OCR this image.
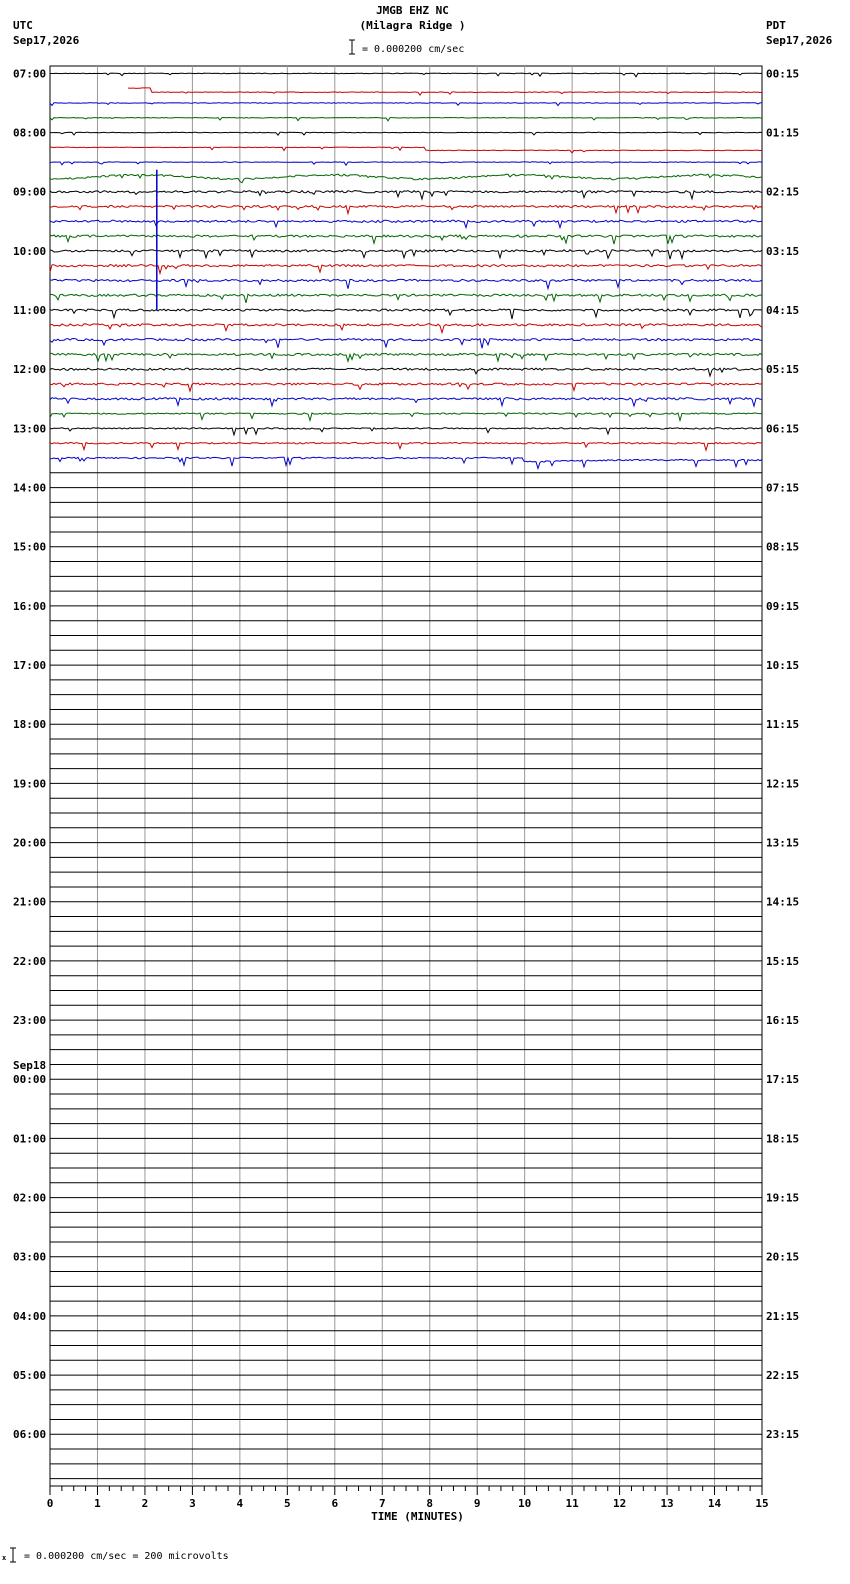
JMGB EHZ NC
(Milagra Ridge )
UTC
Sep17,2026
PDT
Sep17,2026
= 0.000200 cm/sec
07:00
08:00
09:00
10:00
11:00
12:00
13:00
14:00
15:00
16:00
17:00
18:00
19:00
20:00
21:00
22:00
23:00
00:00
Sep18
01:00
02:00
03:00
04:00
05:00
06:00
00:15
01:15
02:15
03:15
04:15
05:15
06:15
07:15
08:15
09:15
10:15
11:15
12:15
13:15
14:15
15:15
16:15
17:15
18:15
19:15
20:15
21:15
22:15
23:15
0	1	2	3	4	5	6	7	8	9	10	11	12	13	14	15
TIME (MINUTES)
x = 0.000200 cm/sec = 200 microvolts
